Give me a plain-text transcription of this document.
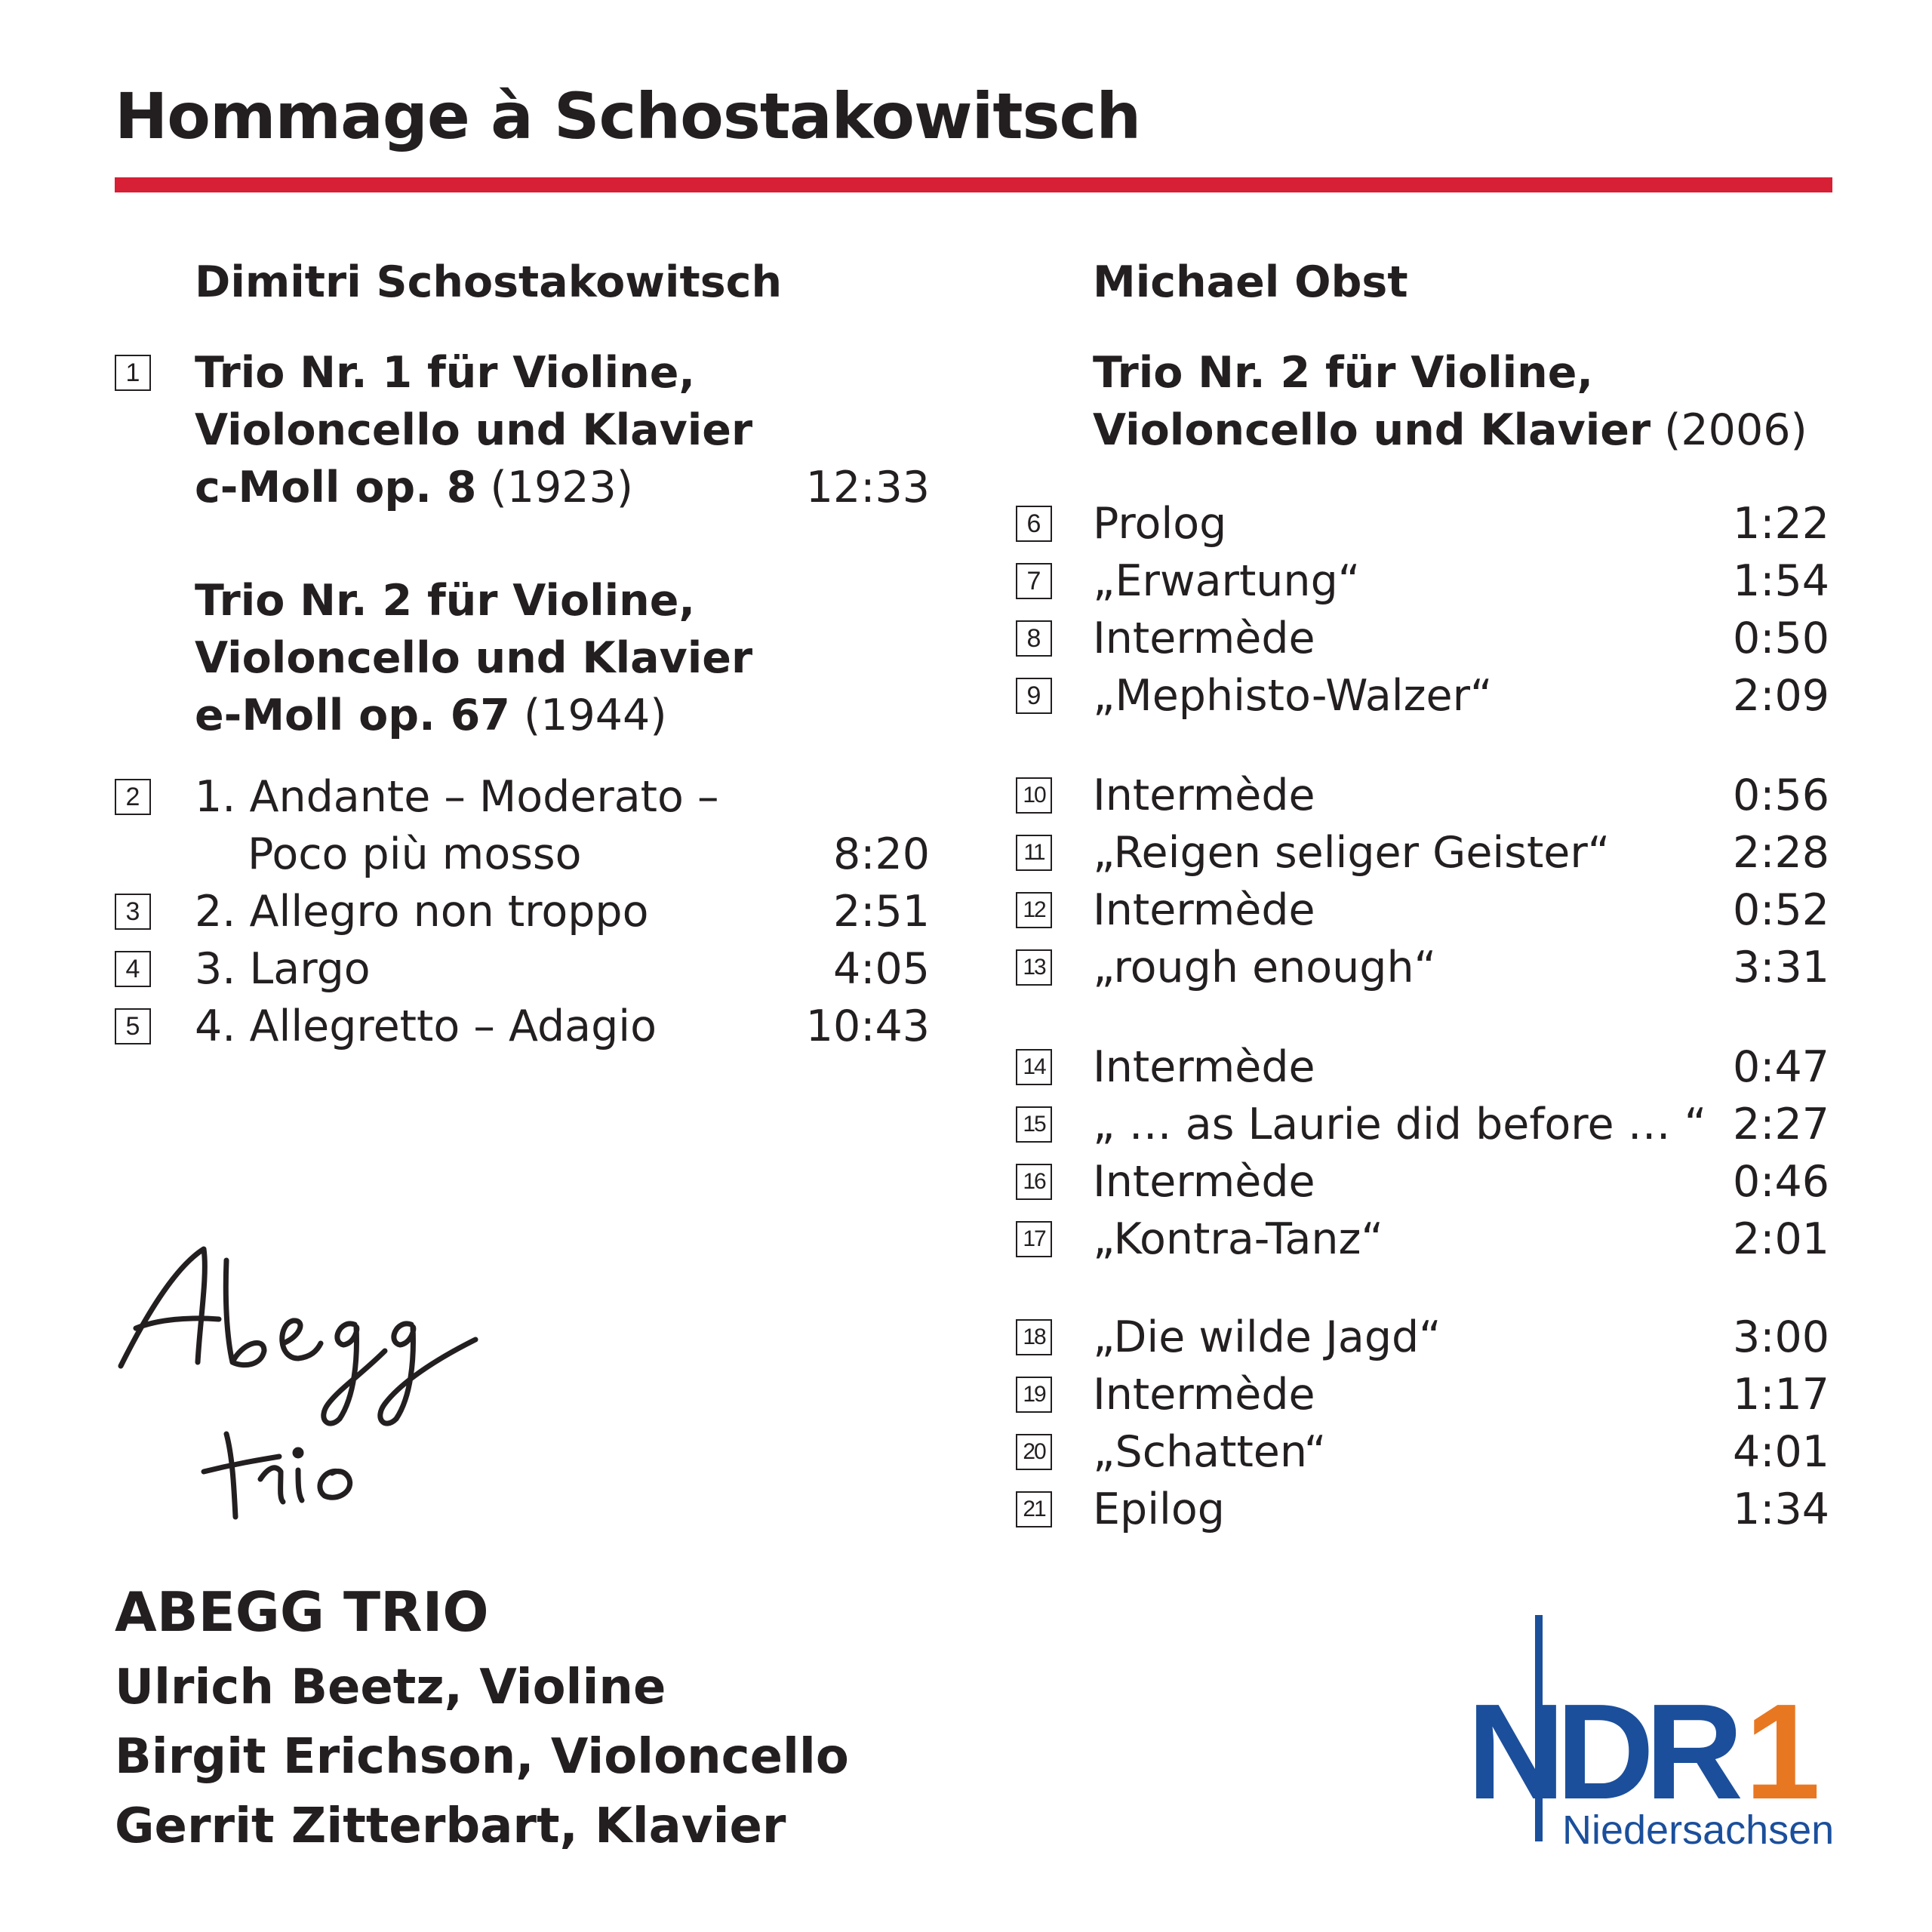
Hommage à Schostakowitsch
Dimitri Schostakowitsch
1 Trio Nr. 1 für Violine,
Violoncello und Klavier
c-Moll op. 8 (1923)	12:33
Trio Nr. 2 für Violine,
Violoncello und Klavier
e-Moll op. 67 (1944)
2 1. Andante – Moderato –
Poco più mosso	8:20
3 2. Allegro non troppo	2:51
4 3. Largo	4:05
5 4. Allegretto – Adagio	10:43
Michael Obst
Trio Nr. 2 für Violine,
Violoncello und Klavier (2006)
6 Prolog	1:22
7 „Erwartung“	1:54
8 Intermède	0:50
9 „Mephisto-Walzer“	2:09
10 Intermède	0:56
11 „Reigen seliger Geister“	2:28
12 Intermède	0:52
13 „rough enough“	3:31
14 Intermède	0:47
15 „ … as Laurie did before … “ 2:27
16 Intermède	0:46
17 „Kontra-Tanz“	2:01
18 „Die wilde Jagd“	3:00
19 Intermède	1:17
20 „Schatten“	4:01
21 Epilog	1:34
ABEGG TRIO
Ulrich Beetz, Violine
Birgit Erichson, Violoncello
Gerrit Zitterbart, Klavier	NDR1
Niedersachsen
